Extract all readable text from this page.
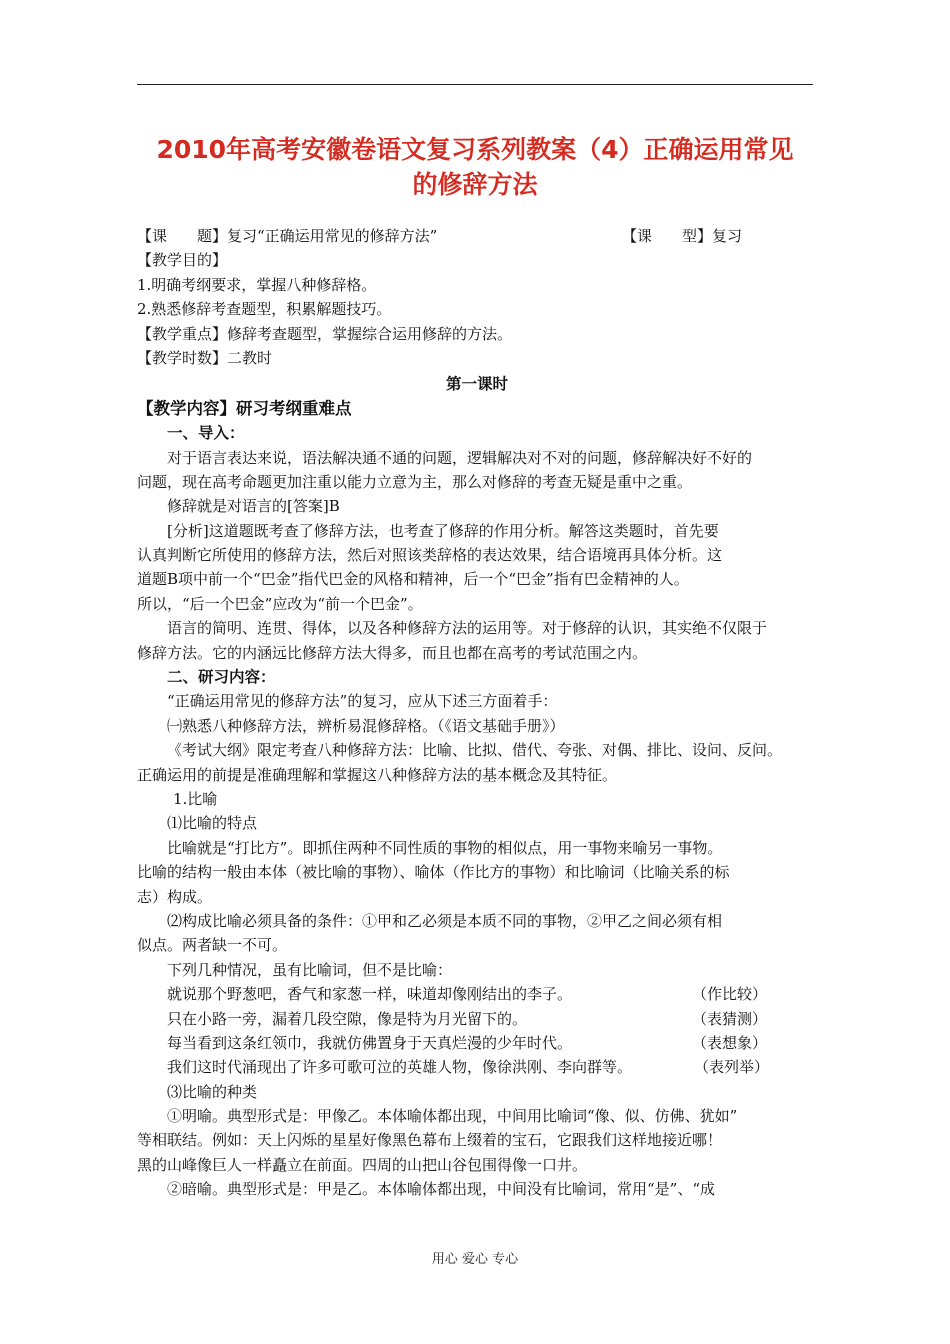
2010年高考安徽卷语文复习系列教案（4）正确运用常见
的修辞方法
【课　　题】复习“正确运用常见的修辞方法”	【课　　型】复习
【教学目的】
1.明确考纲要求，掌握八种修辞格。
2.熟悉修辞考查题型，积累解题技巧。
【教学重点】修辞考查题型，掌握综合运用修辞的方法。
【教学时数】二教时
第一课时
【教学内容】研习考纲重难点
一、导入：
对于语言表达来说，语法解决通不通的问题，逻辑解决对不对的问题，修辞解决好不好的
问题，现在高考命题更加注重以能力立意为主，那么对修辞的考查无疑是重中之重。
修辞就是对语言的[答案]B
[分析]这道题既考查了修辞方法，也考查了修辞的作用分析。解答这类题时，首先要
认真判断它所使用的修辞方法，然后对照该类辞格的表达效果，结合语境再具体分析。这
道题B项中前一个“巴金”指代巴金的风格和精神，后一个“巴金”指有巴金精神的人。
所以，“后一个巴金”应改为“前一个巴金”。
语言的简明、连贯、得体，以及各种修辞方法的运用等。对于修辞的认识，其实绝不仅限于
修辞方法。它的内涵远比修辞方法大得多，而且也都在高考的考试范围之内。
二、研习内容：
“正确运用常见的修辞方法”的复习，应从下述三方面着手：
㈠熟悉八种修辞方法，辨析易混修辞格。（《语文基础手册》）
《考试大纲》限定考查八种修辞方法：比喻、比拟、借代、夸张、对偶、排比、设问、反问。
正确运用的前提是准确理解和掌握这八种修辞方法的基本概念及其特征。
1.比喻
⑴比喻的特点
比喻就是“打比方”。即抓住两种不同性质的事物的相似点，用一事物来喻另一事物。
比喻的结构一般由本体（被比喻的事物）、喻体（作比方的事物）和比喻词（比喻关系的标
志）构成。
⑵构成比喻必须具备的条件：①甲和乙必须是本质不同的事物，②甲乙之间必须有相
似点。两者缺一不可。
下列几种情况，虽有比喻词，但不是比喻：
就说那个野葱吧，香气和家葱一样，味道却像刚结出的李子。	（作比较）
只在小路一旁，漏着几段空隙，像是特为月光留下的。	（表猜测）
每当看到这条红领巾，我就仿佛置身于天真烂漫的少年时代。	（表想象）
我们这时代涌现出了许多可歌可泣的英雄人物，像徐洪刚、李向群等。	（表列举）
⑶比喻的种类
①明喻。典型形式是：甲像乙。本体喻体都出现，中间用比喻词“像、似、仿佛、犹如”
等相联结。例如：天上闪烁的星星好像黑色幕布上缀着的宝石，它跟我们这样地接近哪！
黑的山峰像巨人一样矗立在前面。四周的山把山谷包围得像一口井。
②暗喻。典型形式是：甲是乙。本体喻体都出现，中间没有比喻词，常用“是”、“成
用心 爱心 专心
